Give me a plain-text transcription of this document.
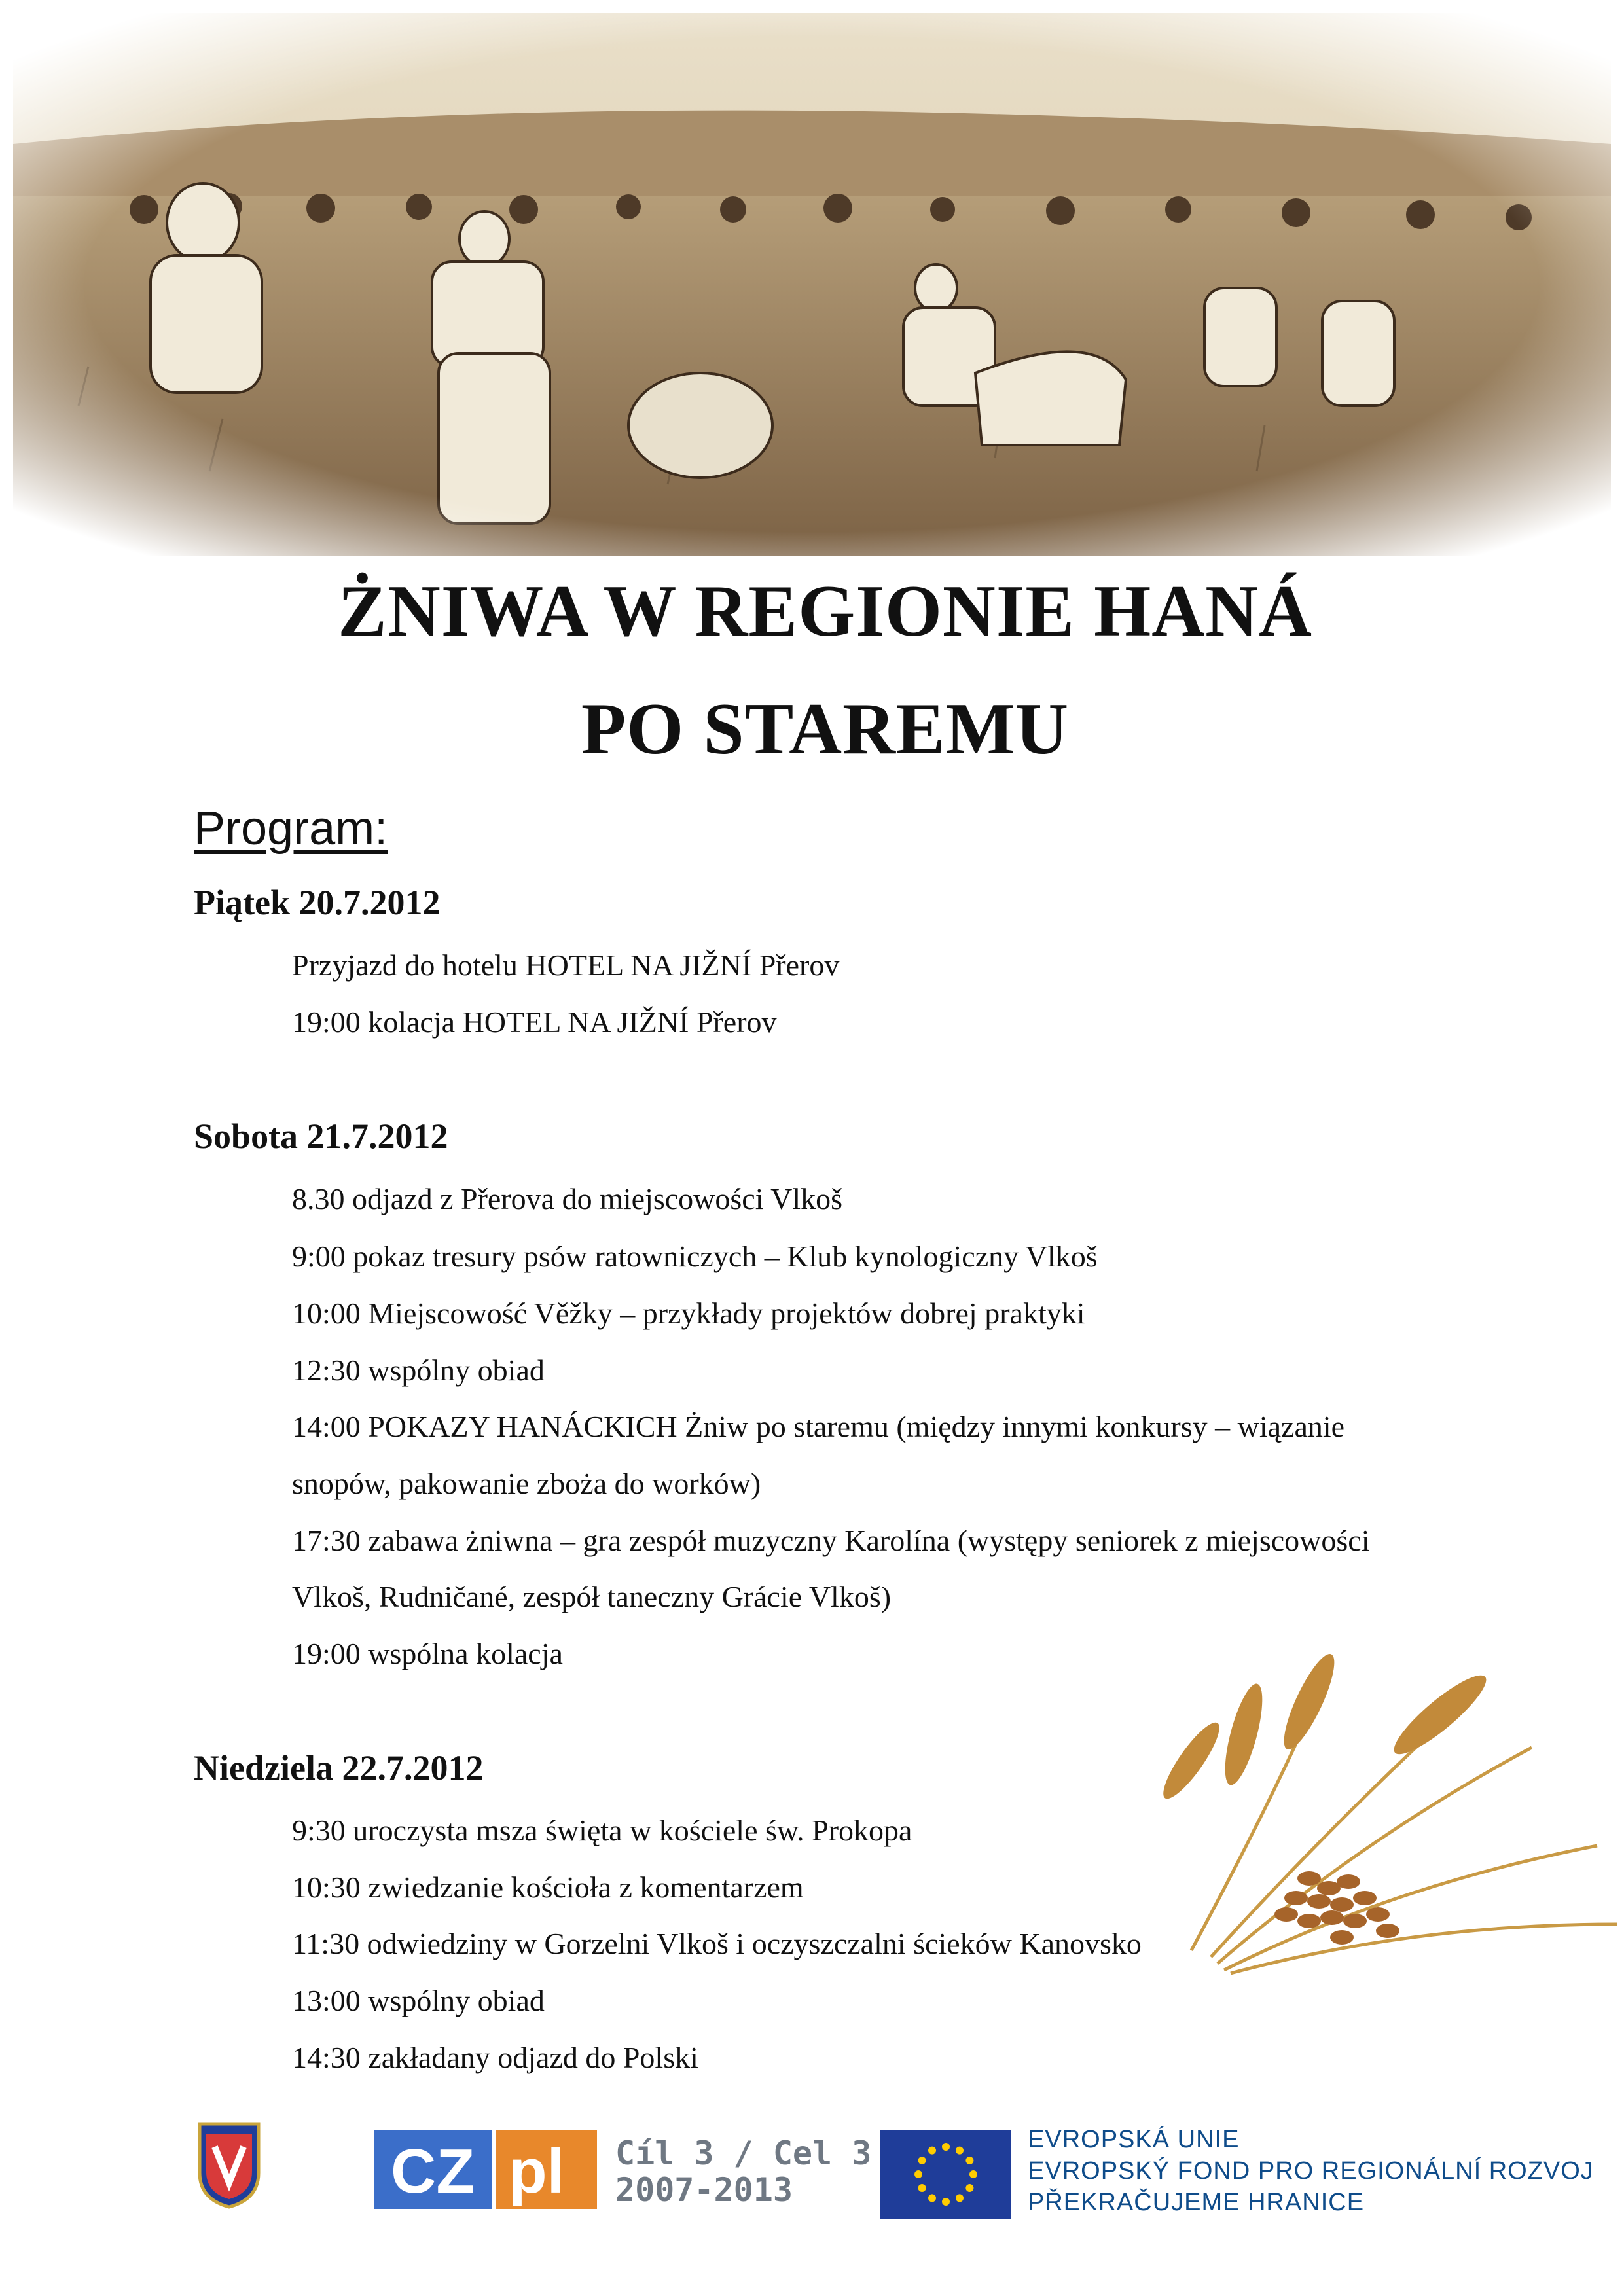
ŻNIWA W REGIONIE HANÁ
PO STAREMU
Program:
Piątek 20.7.2012
Przyjazd do hotelu HOTEL NA JIŽNÍ Přerov
19:00 kolacja HOTEL NA JIŽNÍ Přerov
Sobota 21.7.2012
8.30 odjazd z Přerova do miejscowości Vlkoš
9:00 pokaz tresury psów ratowniczych – Klub kynologiczny Vlkoš
10:00 Miejscowość Věžky – przykłady projektów dobrej praktyki
12:30 wspólny obiad
14:00 POKAZY HANÁCKICH Żniw po staremu (między innymi konkursy – wiązanie
snopów, pakowanie zboża do worków)
17:30 zabawa żniwna – gra zespół muzyczny Karolína (występy seniorek z miejscowości
Vlkoš, Rudničané, zespół taneczny Grácie Vlkoš)
19:00 wspólna kolacja
Niedziela 22.7.2012
9:30 uroczysta msza święta w kościele św. Prokopa
10:30 zwiedzanie kościoła z komentarzem
11:30 odwiedziny w Gorzelni Vlkoš i oczyszczalni ścieków Kanovsko
13:00 wspólny obiad
14:30 zakładany odjazd do Polski
CZ pl Cíl 3 / Cel 3
2007-2013
EVROPSKÁ UNIE
EVROPSKÝ FOND PRO REGIONÁLNÍ ROZVOJ
PŘEKRAČUJEME HRANICE
